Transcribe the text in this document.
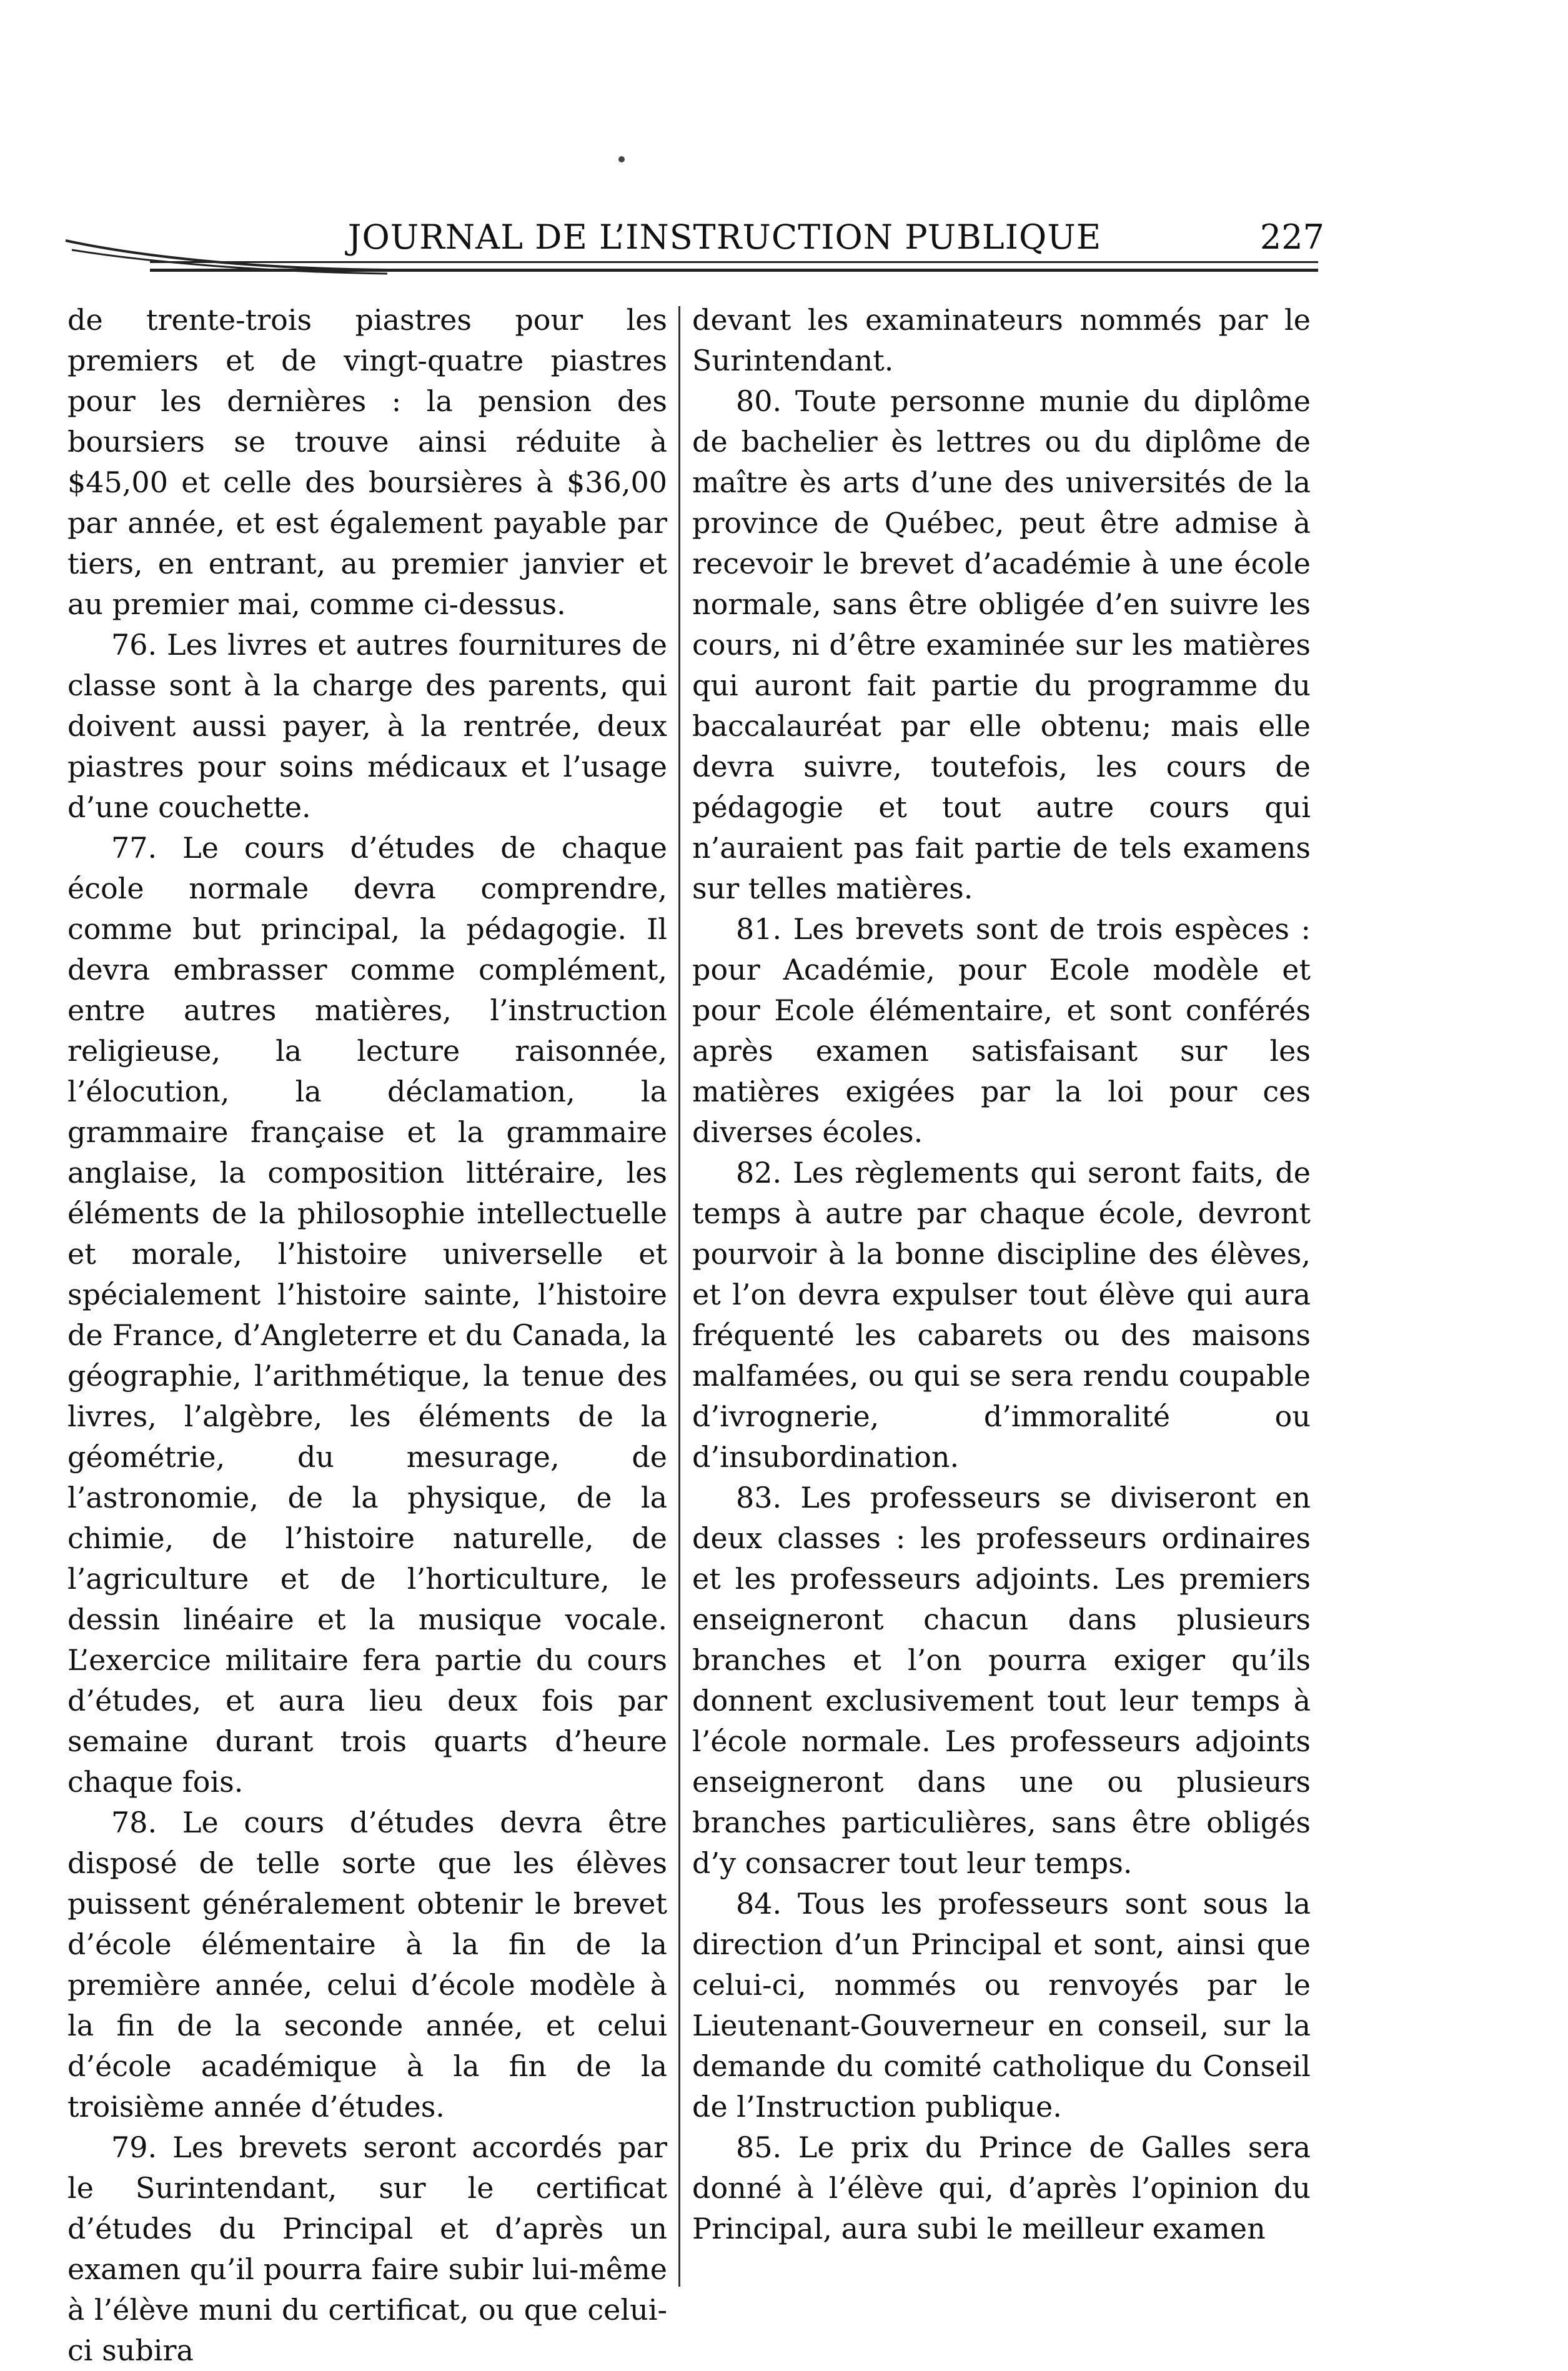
JOURNAL DE L’INSTRUCTION PUBLIQUE	227

de trente-trois piastres pour les premiers et de vingt-quatre piastres pour les dernières : la pension des boursiers se trouve ainsi réduite à $45,00 et celle des boursières à $36,00 par année, et est également payable par tiers, en entrant, au premier janvier et au premier mai, comme ci-dessus.

76. Les livres et autres fournitures de classe sont à la charge des parents, qui doivent aussi payer, à la rentrée, deux piastres pour soins médicaux et l’usage d’une couchette.

77. Le cours d’études de chaque école normale devra comprendre, comme but principal, la pédagogie. Il devra embrasser comme complément, entre autres matières, l’instruction religieuse, la lecture raisonnée, l’élocution, la déclamation, la grammaire française et la grammaire anglaise, la composition littéraire, les éléments de la philosophie intellectuelle et morale, l’histoire universelle et spécialement l’histoire sainte, l’histoire de France, d’Angleterre et du Canada, la géographie, l’arithmétique, la tenue des livres, l’algèbre, les éléments de la géométrie, du mesurage, de l’astronomie, de la physique, de la chimie, de l’histoire naturelle, de l’agriculture et de l’horticulture, le dessin linéaire et la musique vocale. L’exercice militaire fera partie du cours d’études, et aura lieu deux fois par semaine durant trois quarts d’heure chaque fois.

78. Le cours d’études devra être disposé de telle sorte que les élèves puissent généralement obtenir le brevet d’école élémentaire à la fin de la première année, celui d’école modèle à la fin de la seconde année, et celui d’école académique à la fin de la troisième année d’études.

79. Les brevets seront accordés par le Surintendant, sur le certificat d’études du Principal et d’après un examen qu’il pourra faire subir lui-même à l’élève muni du certificat, ou que celui-ci subira

devant les examinateurs nommés par le Surintendant.

80. Toute personne munie du diplôme de bachelier ès lettres ou du diplôme de maître ès arts d’une des universités de la province de Québec, peut être admise à recevoir le brevet d’académie à une école normale, sans être obligée d’en suivre les cours, ni d’être examinée sur les matières qui auront fait partie du programme du baccalauréat par elle obtenu; mais elle devra suivre, toutefois, les cours de pédagogie et tout autre cours qui n’auraient pas fait partie de tels examens sur telles matières.

81. Les brevets sont de trois espèces : pour Académie, pour Ecole modèle et pour Ecole élémentaire, et sont conférés après examen satisfaisant sur les matières exigées par la loi pour ces diverses écoles.

82. Les règlements qui seront faits, de temps à autre par chaque école, devront pourvoir à la bonne discipline des élèves, et l’on devra expulser tout élève qui aura fréquenté les cabarets ou des maisons malfamées, ou qui se sera rendu coupable d’ivrognerie, d’immoralité ou d’insubordination.

83. Les professeurs se diviseront en deux classes : les professeurs ordinaires et les professeurs adjoints. Les premiers enseigneront chacun dans plusieurs branches et l’on pourra exiger qu’ils donnent exclusivement tout leur temps à l’école normale. Les professeurs adjoints enseigneront dans une ou plusieurs branches particulières, sans être obligés d’y consacrer tout leur temps.

84. Tous les professeurs sont sous la direction d’un Principal et sont, ainsi que celui-ci, nommés ou renvoyés par le Lieutenant-Gouverneur en conseil, sur la demande du comité catholique du Conseil de l’Instruction publique.

85. Le prix du Prince de Galles sera donné à l’élève qui, d’après l’opinion du Principal, aura subi le meilleur examen
